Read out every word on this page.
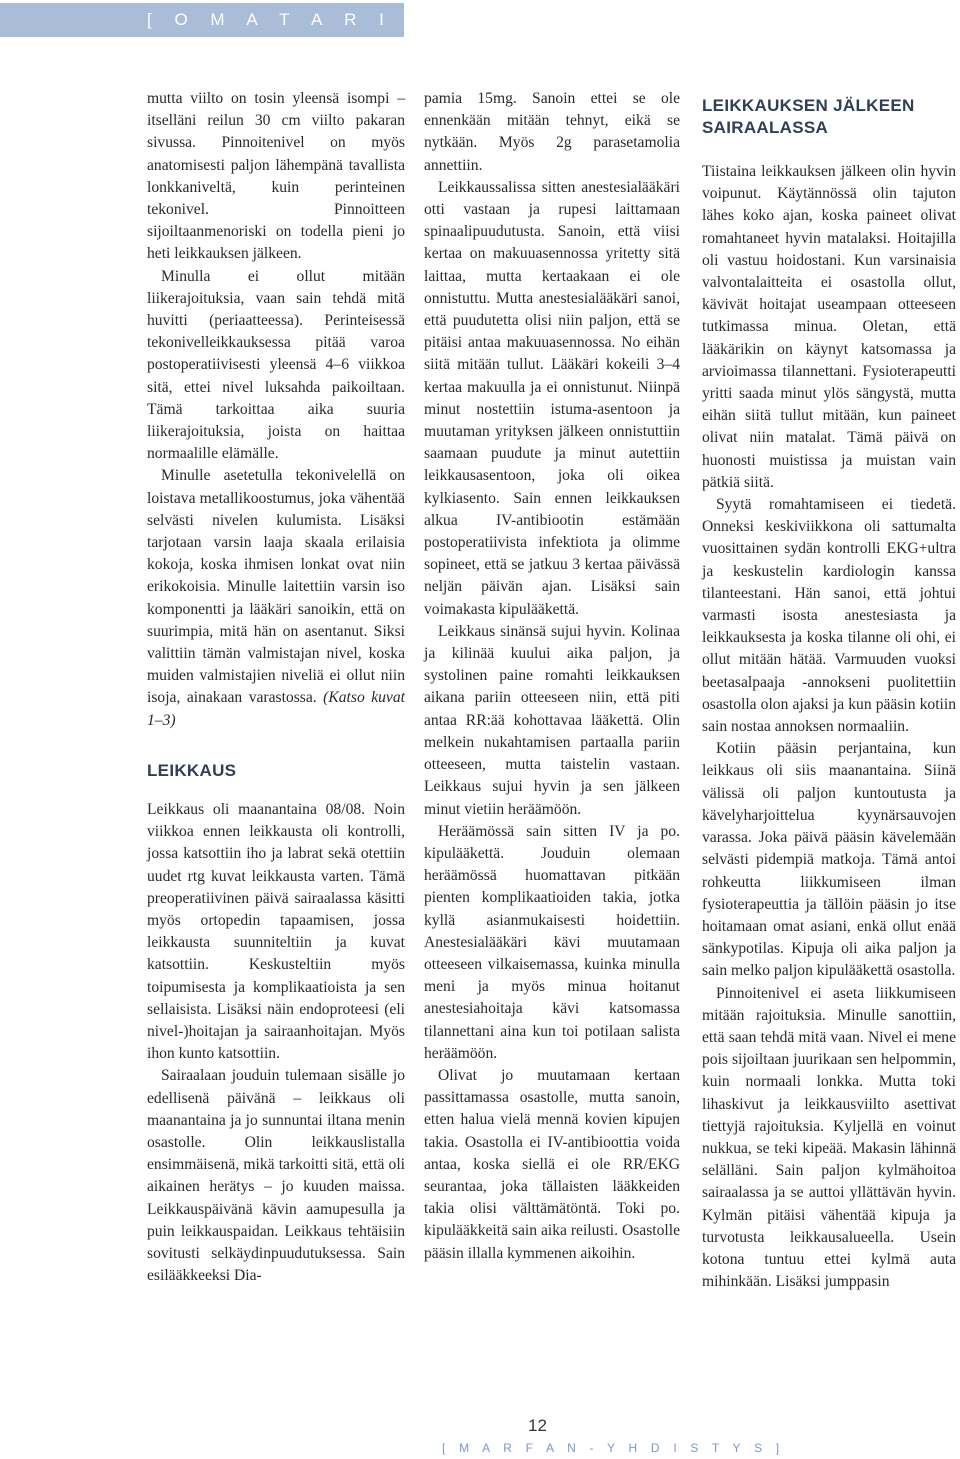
[ O M A T A R I N A ]

mutta viilto on tosin yleensä isompi – itselläni reilun 30 cm viilto pakaran sivussa. Pinnoitenivel on myös anatomisesti paljon lähempänä tavallista lonkkaniveltä, kuin perinteinen tekonivel. Pinnoitteen sijoiltaanmenoriski on todella pieni jo heti leikkauksen jälkeen.

Minulla ei ollut mitään liikerajoituksia, vaan sain tehdä mitä huvitti (periaatteessa). Perinteisessä tekonivelleikkauksessa pitää varoa postoperatiivisesti yleensä 4–6 viikkoa sitä, ettei nivel luksahda paikoiltaan. Tämä tarkoittaa aika suuria liikerajoituksia, joista on haittaa normaalille elämälle.

Minulle asetetulla tekonivelellä on loistava metallikoostumus, joka vähentää selvästi nivelen kulumista. Lisäksi tarjotaan varsin laaja skaala erilaisia kokoja, koska ihmisen lonkat ovat niin erikokoisia. Minulle laitettiin varsin iso komponentti ja lääkäri sanoikin, että on suurimpia, mitä hän on asentanut. Siksi valittiin tämän valmistajan nivel, koska muiden valmistajien niveliä ei ollut niin isoja, ainakaan varastossa. (Katso kuvat 1–3)

LEIKKAUS

Leikkaus oli maanantaina 08/08. Noin viikkoa ennen leikkausta oli kontrolli, jossa katsottiin iho ja labrat sekä otettiin uudet rtg kuvat leikkausta varten. Tämä preoperatiivinen päivä sairaalassa käsitti myös ortopedin tapaamisen, jossa leikkausta suunniteltiin ja kuvat katsottiin. Keskusteltiin myös toipumisesta ja komplikaatioista ja sen sellaisista. Lisäksi näin endoproteesi (eli nivel-)hoitajan ja sairaanhoitajan. Myös ihon kunto katsottiin.

Sairaalaan jouduin tulemaan sisälle jo edellisenä päivänä – leikkaus oli maanantaina ja jo sunnuntai iltana menin osastolle. Olin leikkauslistalla ensimmäisenä, mikä tarkoitti sitä, että oli aikainen herätys – jo kuuden maissa. Leikkauspäivänä kävin aamupesulla ja puin leikkauspaidan. Leikkaus tehtäisiin sovitusti selkäydinpuudutuksessa. Sain esilääkkeeksi Dia-

pamia 15mg. Sanoin ettei se ole ennenkään mitään tehnyt, eikä se nytkään. Myös 2g parasetamolia annettiin.

Leikkaussalissa sitten anestesialääkäri otti vastaan ja rupesi laittamaan spinaalipuudutusta. Sanoin, että viisi kertaa on makuuasennossa yritetty sitä laittaa, mutta kertaakaan ei ole onnistuttu. Mutta anestesialääkäri sanoi, että puudutetta olisi niin paljon, että se pitäisi antaa makuuasennossa. No eihän siitä mitään tullut. Lääkäri kokeili 3–4 kertaa makuulla ja ei onnistunut. Niinpä minut nostettiin istuma-asentoon ja muutaman yrityksen jälkeen onnistuttiin saamaan puudute ja minut autettiin leikkausasentoon, joka oli oikea kylkiasento. Sain ennen leikkauksen alkua IV-antibiootin estämään postoperatiivista infektiota ja olimme sopineet, että se jatkuu 3 kertaa päivässä neljän päivän ajan. Lisäksi sain voimakasta kipulääkettä.

Leikkaus sinänsä sujui hyvin. Kolinaa ja kilinää kuului aika paljon, ja systolinen paine romahti leikkauksen aikana pariin otteeseen niin, että piti antaa RR:ää kohottavaa lääkettä. Olin melkein nukahtamisen partaalla pariin otteeseen, mutta taistelin vastaan. Leikkaus sujui hyvin ja sen jälkeen minut vietiin heräämöön.

Heräämössä sain sitten IV ja po. kipulääkettä. Jouduin olemaan heräämössä huomattavan pitkään pienten komplikaatioiden takia, jotka kyllä asianmukaisesti hoidettiin. Anestesialääkäri kävi muutamaan otteeseen vilkaisemassa, kuinka minulla meni ja myös minua hoitanut anestesiahoitaja kävi katsomassa tilannettani aina kun toi potilaan salista heräämöön.

Olivat jo muutamaan kertaan passittamassa osastolle, mutta sanoin, etten halua vielä mennä kovien kipujen takia. Osastolla ei IV-antibioottia voida antaa, koska siellä ei ole RR/EKG seurantaa, joka tällaisten lääkkeiden takia olisi välttämätöntä. Toki po. kipulääkkeitä sain aika reilusti. Osastolle pääsin illalla kymmenen aikoihin.

LEIKKAUKSEN JÄLKEEN SAIRAALASSA

Tiistaina leikkauksen jälkeen olin hyvin voipunut. Käytännössä olin tajuton lähes koko ajan, koska paineet olivat romahtaneet hyvin matalaksi. Hoitajilla oli vastuu hoidostani. Kun varsinaisia valvontalaitteita ei osastolla ollut, kävivät hoitajat useampaan otteeseen tutkimassa minua. Oletan, että lääkärikin on käynyt katsomassa ja arvioimassa tilannettani. Fysioterapeutti yritti saada minut ylös sängystä, mutta eihän siitä tullut mitään, kun paineet olivat niin matalat. Tämä päivä on huonosti muistissa ja muistan vain pätkiä siitä.

Syytä romahtamiseen ei tiedetä. Onneksi keskiviikkona oli sattumalta vuosittainen sydän kontrolli EKG+ultra ja keskustelin kardiologin kanssa tilanteestani. Hän sanoi, että johtui varmasti isosta anestesiasta ja leikkauksesta ja koska tilanne oli ohi, ei ollut mitään hätää. Varmuuden vuoksi beetasalpaaja -annokseni puolitettiin osastolla olon ajaksi ja kun pääsin kotiin sain nostaa annoksen normaaliin.

Kotiin pääsin perjantaina, kun leikkaus oli siis maanantaina. Siinä välissä oli paljon kuntoutusta ja kävelyharjoittelua kyynärsauvojen varassa. Joka päivä pääsin kävelemään selvästi pidempiä matkoja. Tämä antoi rohkeutta liikkumiseen ilman fysioterapeuttia ja tällöin pääsin jo itse hoitamaan omat asiani, enkä ollut enää sänkypotilas. Kipuja oli aika paljon ja sain melko paljon kipulääkettä osastolla.

Pinnoitenivel ei aseta liikkumiseen mitään rajoituksia. Minulle sanottiin, että saan tehdä mitä vaan. Nivel ei mene pois sijoiltaan juurikaan sen helpommin, kuin normaali lonkka. Mutta toki lihaskivut ja leikkausviilto asettivat tiettyjä rajoituksia. Kyljellä en voinut nukkua, se teki kipeää. Makasin lähinnä selälläni. Sain paljon kylmähoitoa sairaalassa ja se auttoi yllättävän hyvin. Kylmän pitäisi vähentää kipuja ja turvotusta leikkausalueella. Usein kotona tuntuu ettei kylmä auta mihinkään. Lisäksi jumppasin

12
[ M A R F A N - Y H D I S T Y S ]
